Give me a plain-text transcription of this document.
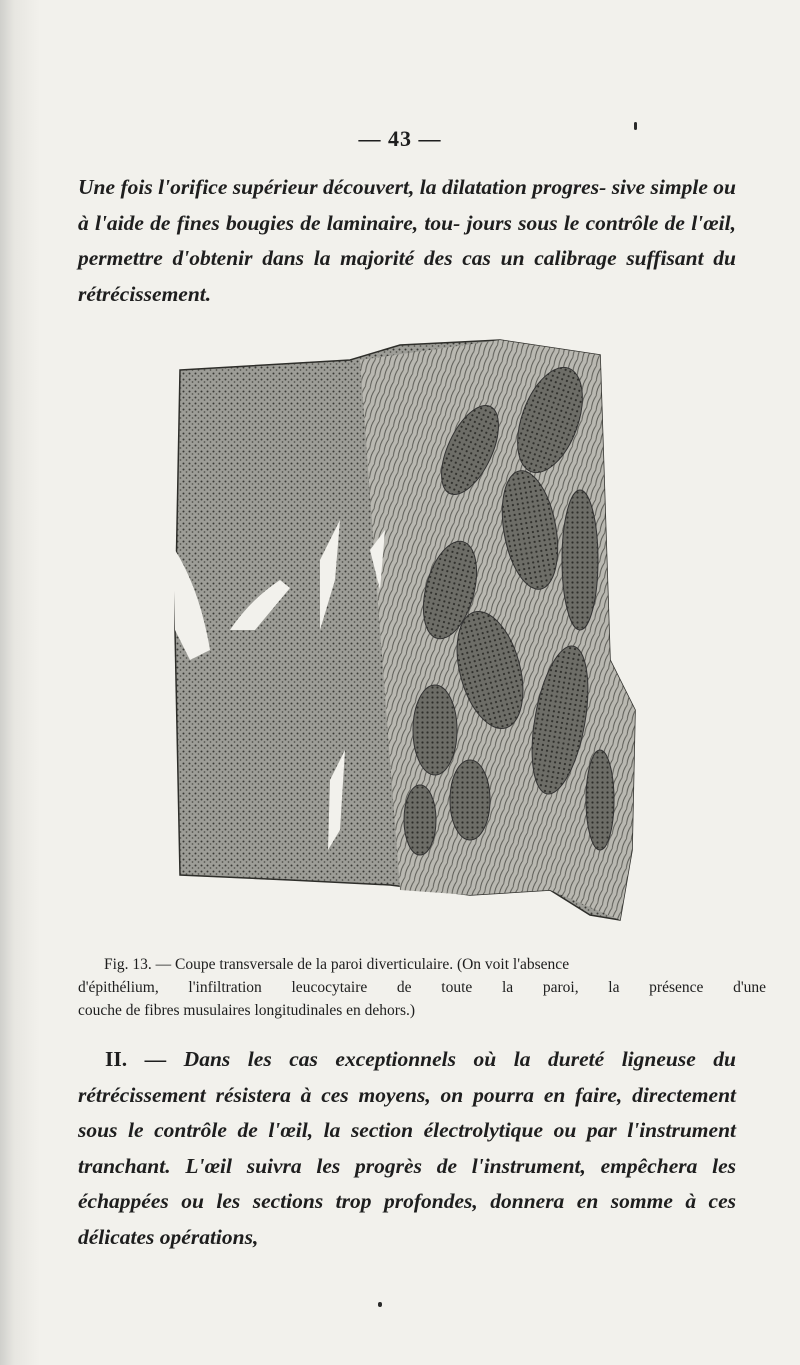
— 43 —

Une fois l'orifice supérieur découvert, la dilatation progres- sive simple ou à l'aide de fines bougies de laminaire, tou- jours sous le contrôle de l'œil, permettre d'obtenir dans la majorité des cas un calibrage suffisant du rétrécissement.

Fig. 13. — Coupe transversale de la paroi diverticulaire. (On voit l'absence
d'épithélium, l'infiltration leucocytaire de toute la paroi, la présence d'une
couche de fibres musulaires longitudinales en dehors.)

II. — Dans les cas exceptionnels où la dureté ligneuse du rétrécissement résistera à ces moyens, on pourra en faire, directement sous le contrôle de l'œil, la section électrolytique ou par l'instrument tranchant. L'œil suivra les progrès de l'instrument, empêchera les échappées ou les sections trop profondes, donnera en somme à ces délicates opérations,
